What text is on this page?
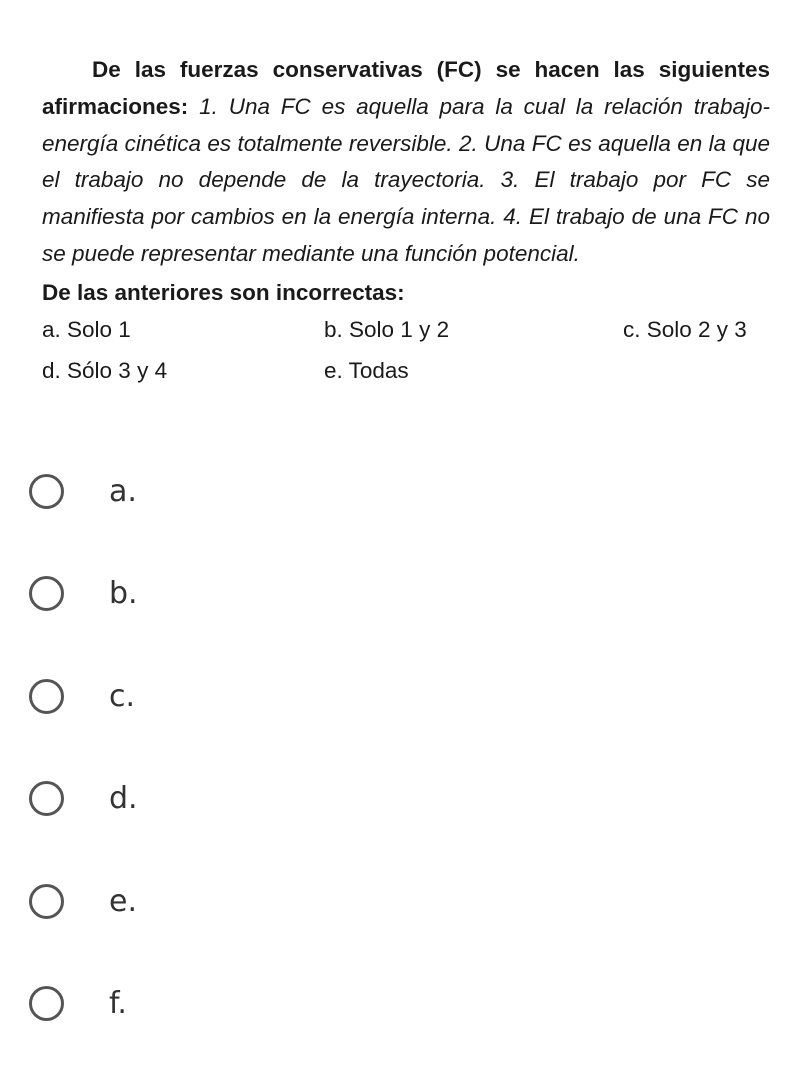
De las fuerzas conservativas (FC) se hacen las siguientes afirmaciones: 1. Una FC es aquella para la cual la relación trabajo-energía cinética es totalmente reversible. 2. Una FC es aquella en la que el trabajo no depende de la trayectoria. 3. El trabajo por FC se manifiesta por cambios en la energía interna. 4. El trabajo de una FC no se puede representar mediante una función potencial.
De las anteriores son incorrectas:
a. Solo 1	b. Solo 1 y 2	c. Solo 2 y 3
d. Sólo 3 y 4	e. Todas
a.
b.
c.
d.
e.
f.
